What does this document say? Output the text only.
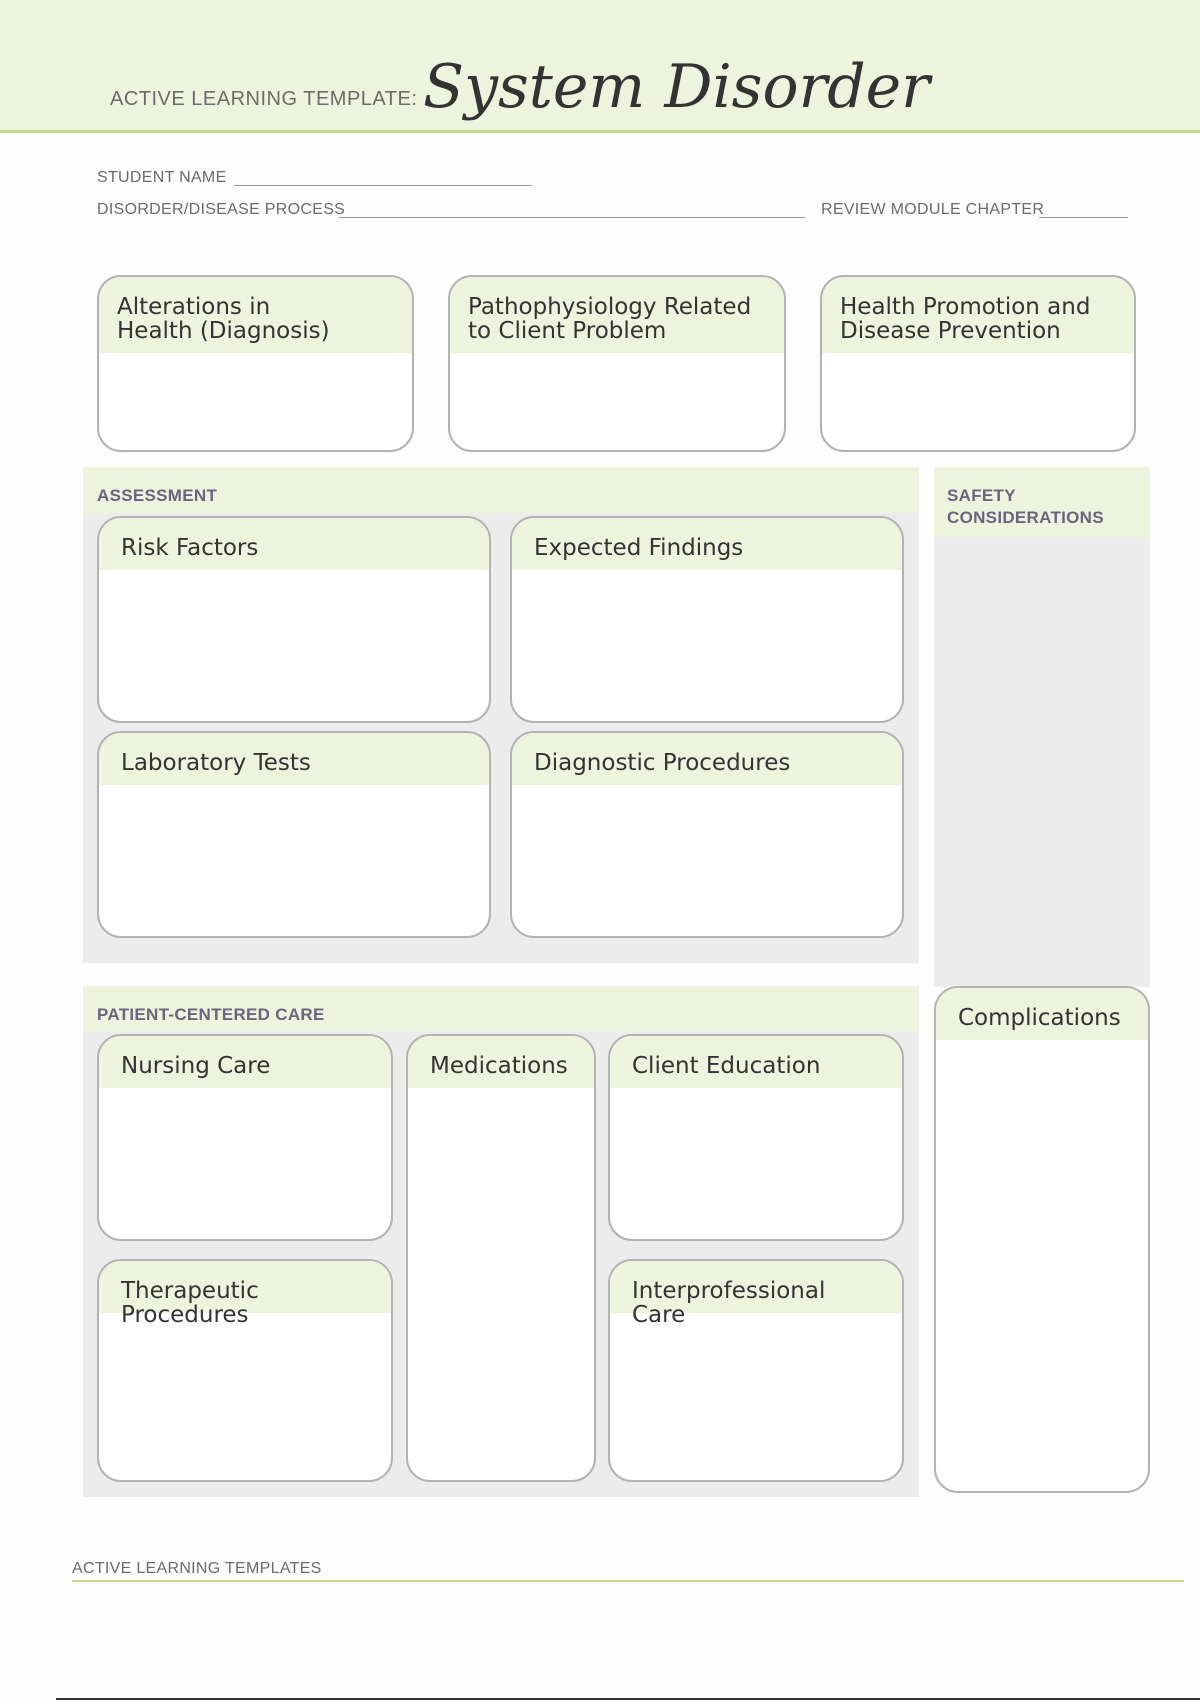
ACTIVE LEARNING TEMPLATE: System Disorder
STUDENT NAME
DISORDER/DISEASE PROCESS	REVIEW MODULE CHAPTER
Alterations in
Health (Diagnosis)
Pathophysiology Related
to Client Problem
Health Promotion and
Disease Prevention
ASSESSMENT
Risk Factors	Expected Findings
Laboratory Tests	Diagnostic Procedures
SAFETY
CONSIDERATIONS
PATIENT-CENTERED CARE
Nursing Care	Medications	Client Education
Therapeutic Procedures
Interprofessional Care
Complications
ACTIVE LEARNING TEMPLATES
